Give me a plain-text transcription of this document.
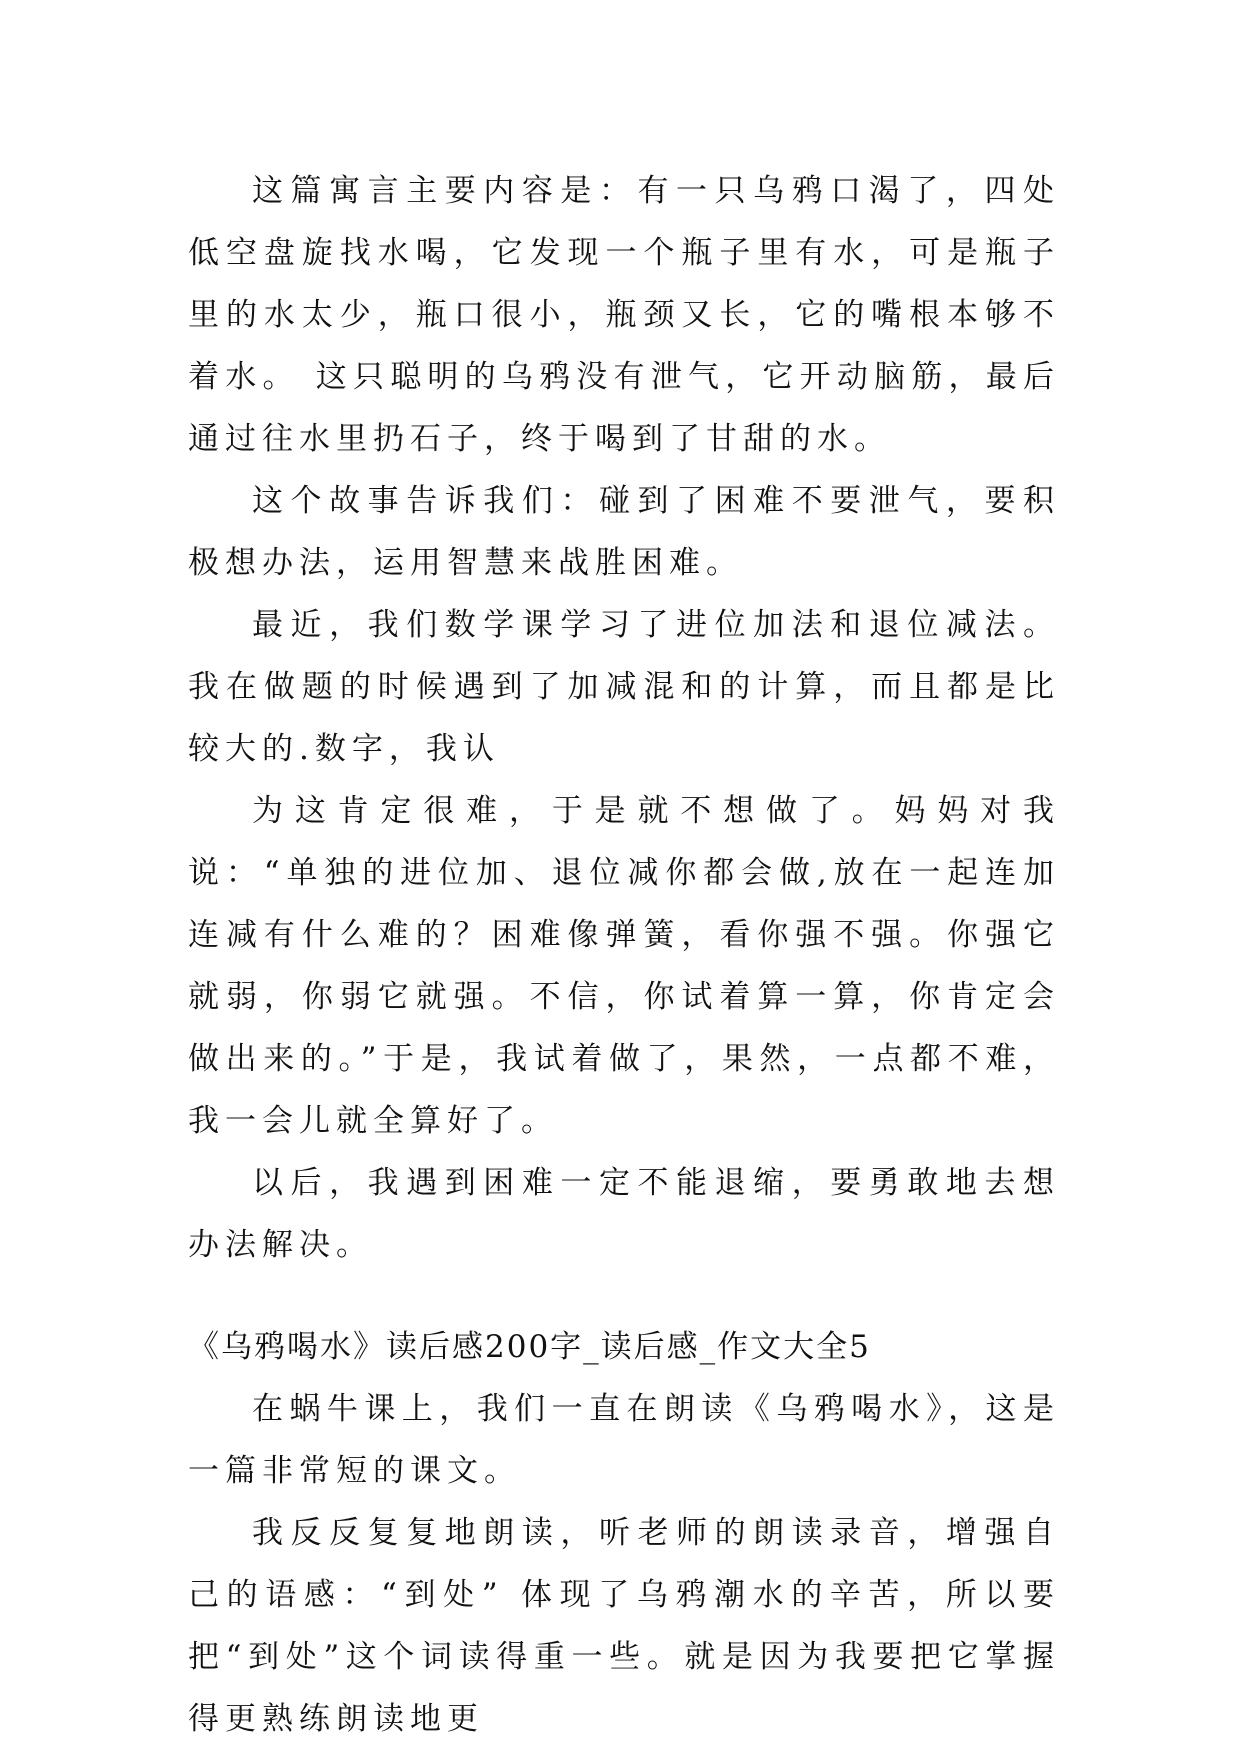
这篇寓言主要内容是：有一只乌鸦口渴了，四处低空盘旋找水喝，它发现一个瓶子里有水，可是瓶子里的水太少，瓶口很小，瓶颈又长，它的嘴根本够不着水。 这只聪明的乌鸦没有泄气，它开动脑筋，最后通过往水里扔石子，终于喝到了甘甜的水。

这个故事告诉我们：碰到了困难不要泄气，要积极想办法，运用智慧来战胜困难。

最近，我们数学课学习了进位加法和退位减法。我在做题的时候遇到了加减混和的计算，而且都是比较大的.数字，我认

为这肯定很难，于是就不想做了。妈妈对我说：“单独的进位加、退位减你都会做,放在一起连加连减有什么难的？困难像弹簧，看你强不强。你强它就弱，你弱它就强。不信，你试着算一算，你肯定会做出来的。”于是，我试着做了，果然，一点都不难，我一会儿就全算好了。

以后，我遇到困难一定不能退缩，要勇敢地去想办法解决。

《乌鸦喝水》读后感200字_读后感_作文大全5

在蜗牛课上，我们一直在朗读《乌鸦喝水》，这是一篇非常短的课文。

我反反复复地朗读，听老师的朗读录音，增强自己的语感：“到处” 体现了乌鸦潮水的辛苦，所以要把“到处”这个词读得重一些。就是因为我要把它掌握得更熟练朗读地更
